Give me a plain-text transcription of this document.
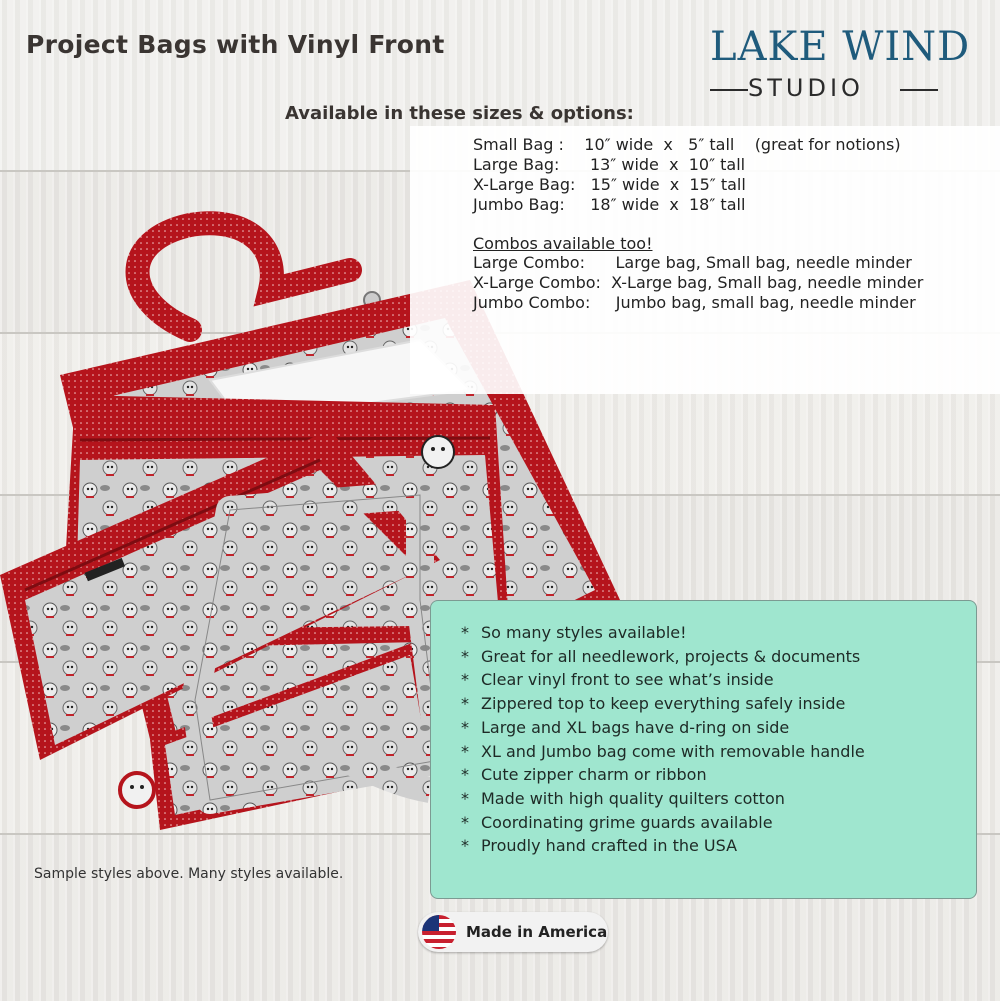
Project Bags with Vinyl Front	LAKE WIND
STUDIO
Available in these sizes & options:
Small Bag :    10″ wide  x   5″ tall    (great for notions)
Large Bag:      13″ wide  x  10″ tall
X-Large Bag:   15″ wide  x  15″ tall
Jumbo Bag:     18″ wide  x  18″ tall
Combos available too!
Large Combo:      Large bag, Small bag, needle minder
X-Large Combo:  X-Large bag, Small bag, needle minder
Jumbo Combo:     Jumbo bag, small bag, needle minder
* So many styles available!
* Great for all needlework, projects & documents
* Clear vinyl front to see what’s inside
* Zippered top to keep everything safely inside
* Large and XL bags have d-ring on side
* XL and Jumbo bag come with removable handle
* Cute zipper charm or ribbon
* Made with high quality quilters cotton
* Coordinating grime guards available
* Proudly hand crafted in the USA
Sample styles above. Many styles available.
Made in America
